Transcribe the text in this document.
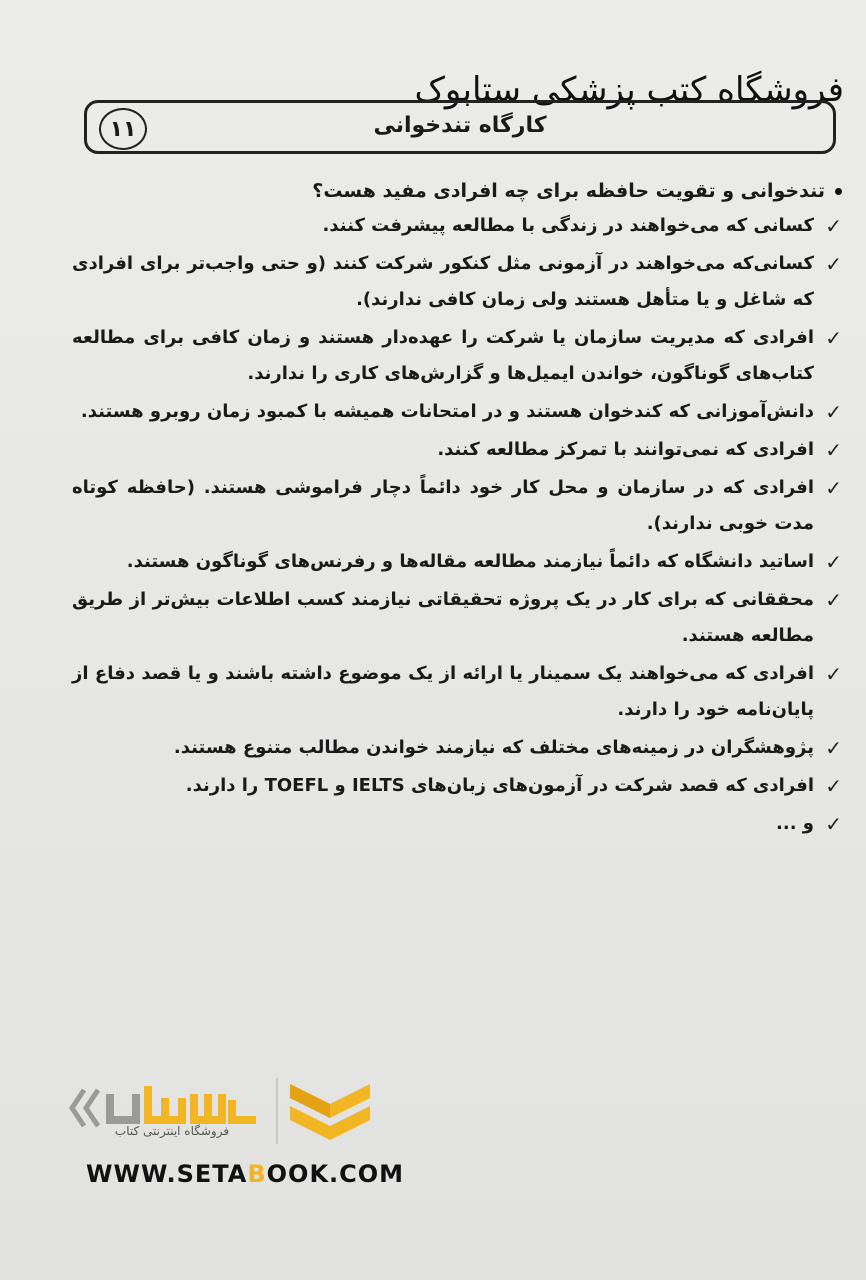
فروشگاه کتب پزشکی ستابوک
۱۱	کارگاه تندخوانی
تندخوانی و تقویت حافظه برای چه افرادی مفید هست؟
✓
کسانی که می‌خواهند در زندگی با مطالعه پیشرفت کنند.
✓
کسانی‌که می‌خواهند در آزمونی مثل کنکور شرکت کنند (و حتی واجب‌تر برای افرادی که شاغل و یا متأهل هستند ولی زمان کافی ندارند).
✓
افرادی که مدیریت سازمان یا شرکت را عهده‌دار هستند و زمان کافی برای مطالعه کتاب‌های گوناگون، خواندن ایمیل‌ها و گزارش‌های کاری را ندارند.
✓
دانش‌آموزانی که کندخوان هستند و در امتحانات همیشه با کمبود زمان روبرو هستند.
✓
افرادی که نمی‌توانند با تمرکز مطالعه کنند.
✓
افرادی که در سازمان و محل کار خود دائماً دچار فراموشی هستند. (حافظه کوتاه مدت خوبی ندارند).
✓
اساتید دانشگاه که دائماً نیازمند مطالعه مقاله‌ها و رفرنس‌های گوناگون هستند.
✓
محققانی که برای کار در یک پروژه تحقیقاتی نیازمند کسب اطلاعات بیش‌تر از طریق مطالعه هستند.
✓
افرادی که می‌خواهند یک سمینار یا ارائه از یک موضوع داشته باشند و یا قصد دفاع از پایان‌نامه خود را دارند.
✓
پژوهشگران در زمینه‌های مختلف که نیازمند خواندن مطالب متنوع هستند.
✓
افرادی که قصد شرکت در آزمون‌های زبان‌های IELTS و TOEFL را دارند.
✓
و ...
فروشگاه اینترنتی کتاب
WWW.SETABOOK.COM
